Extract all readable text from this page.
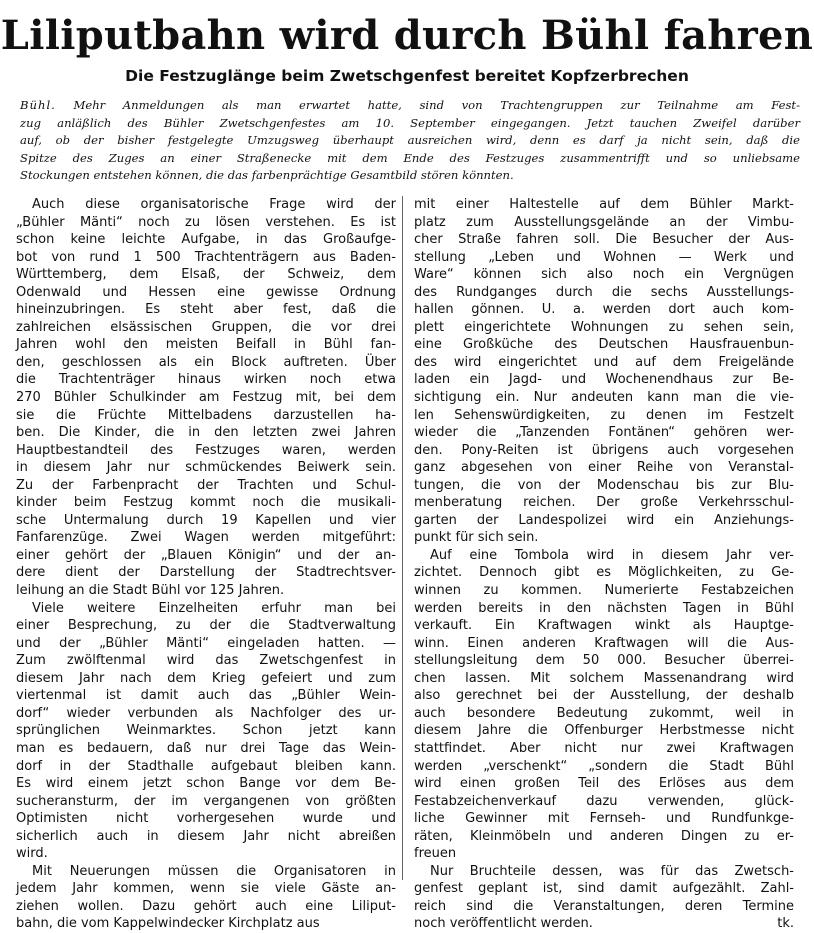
Liliputbahn wird durch Bühl fahren
Die Festzuglänge beim Zwetschgenfest bereitet Kopfzerbrechen
Bühl. Mehr Anmeldungen als man erwartet hatte, sind von Trachtengruppen zur Teilnahme am Fest-
zug anläßlich des Bühler Zwetschgenfestes am 10. September eingegangen. Jetzt tauchen Zweifel darüber
auf, ob der bisher festgelegte Umzugsweg überhaupt ausreichen wird, denn es darf ja nicht sein, daß die
Spitze des Zuges an einer Straßenecke mit dem Ende des Festzuges zusammentrifft und so unliebsame
Stockungen entstehen können, die das farbenprächtige Gesamtbild stören könnten.
Auch diese organisatorische Frage wird der
„Bühler Mänti“ noch zu lösen verstehen. Es ist
schon keine leichte Aufgabe, in das Großaufge-
bot von rund 1 500 Trachtenträgern aus Baden-
Württemberg, dem Elsaß, der Schweiz, dem
Odenwald und Hessen eine gewisse Ordnung
hineinzubringen. Es steht aber fest, daß die
zahlreichen elsässischen Gruppen, die vor drei
Jahren wohl den meisten Beifall in Bühl fan-
den, geschlossen als ein Block auftreten. Über
die Trachtenträger hinaus wirken noch etwa
270 Bühler Schulkinder am Festzug mit, bei dem
sie die Früchte Mittelbadens darzustellen ha-
ben. Die Kinder, die in den letzten zwei Jahren
Hauptbestandteil des Festzuges waren, werden
in diesem Jahr nur schmückendes Beiwerk sein.
Zu der Farbenpracht der Trachten und Schul-
kinder beim Festzug kommt noch die musikali-
sche Untermalung durch 19 Kapellen und vier
Fanfarenzüge. Zwei Wagen werden mitgeführt:
einer gehört der „Blauen Königin“ und der an-
dere dient der Darstellung der Stadtrechtsver-
leihung an die Stadt Bühl vor 125 Jahren.
Viele weitere Einzelheiten erfuhr man bei
einer Besprechung, zu der die Stadtverwaltung
und der „Bühler Mänti“ eingeladen hatten. —
Zum zwölftenmal wird das Zwetschgenfest in
diesem Jahr nach dem Krieg gefeiert und zum
viertenmal ist damit auch das „Bühler Wein-
dorf“ wieder verbunden als Nachfolger des ur-
sprünglichen Weinmarktes. Schon jetzt kann
man es bedauern, daß nur drei Tage das Wein-
dorf in der Stadthalle aufgebaut bleiben kann.
Es wird einem jetzt schon Bange vor dem Be-
sucheransturm, der im vergangenen von größten
Optimisten nicht vorhergesehen wurde und
sicherlich auch in diesem Jahr nicht abreißen
wird.
Mit Neuerungen müssen die Organisatoren in
jedem Jahr kommen, wenn sie viele Gäste an-
ziehen wollen. Dazu gehört auch eine Liliput-
bahn, die vom Kappelwindecker Kirchplatz aus
mit einer Haltestelle auf dem Bühler Markt-
platz zum Ausstellungsgelände an der Vimbu-
cher Straße fahren soll. Die Besucher der Aus-
stellung „Leben und Wohnen — Werk und
Ware“ können sich also noch ein Vergnügen
des Rundganges durch die sechs Ausstellungs-
hallen gönnen. U. a. werden dort auch kom-
plett eingerichtete Wohnungen zu sehen sein,
eine Großküche des Deutschen Hausfrauenbun-
des wird eingerichtet und auf dem Freigelände
laden ein Jagd- und Wochenendhaus zur Be-
sichtigung ein. Nur andeuten kann man die vie-
len Sehenswürdigkeiten, zu denen im Festzelt
wieder die „Tanzenden Fontänen“ gehören wer-
den. Pony-Reiten ist übrigens auch vorgesehen
ganz abgesehen von einer Reihe von Veranstal-
tungen, die von der Modenschau bis zur Blu-
menberatung reichen. Der große Verkehrsschul-
garten der Landespolizei wird ein Anziehungs-
punkt für sich sein.
Auf eine Tombola wird in diesem Jahr ver-
zichtet. Dennoch gibt es Möglichkeiten, zu Ge-
winnen zu kommen. Numerierte Festabzeichen
werden bereits in den nächsten Tagen in Bühl
verkauft. Ein Kraftwagen winkt als Hauptge-
winn. Einen anderen Kraftwagen will die Aus-
stellungsleitung dem 50 000. Besucher überrei-
chen lassen. Mit solchem Massenandrang wird
also gerechnet bei der Ausstellung, der deshalb
auch besondere Bedeutung zukommt, weil in
diesem Jahre die Offenburger Herbstmesse nicht
stattfindet. Aber nicht nur zwei Kraftwagen
werden „verschenkt“ „sondern die Stadt Bühl
wird einen großen Teil des Erlöses aus dem
Festabzeichenverkauf dazu verwenden, glück-
liche Gewinner mit Fernseh- und Rundfunkge-
räten, Kleinmöbeln und anderen Dingen zu er-
freuen
Nur Bruchteile dessen, was für das Zwetsch-
genfest geplant ist, sind damit aufgezählt. Zahl-
reich sind die Veranstaltungen, deren Termine
noch veröffentlicht werden.	tk.
